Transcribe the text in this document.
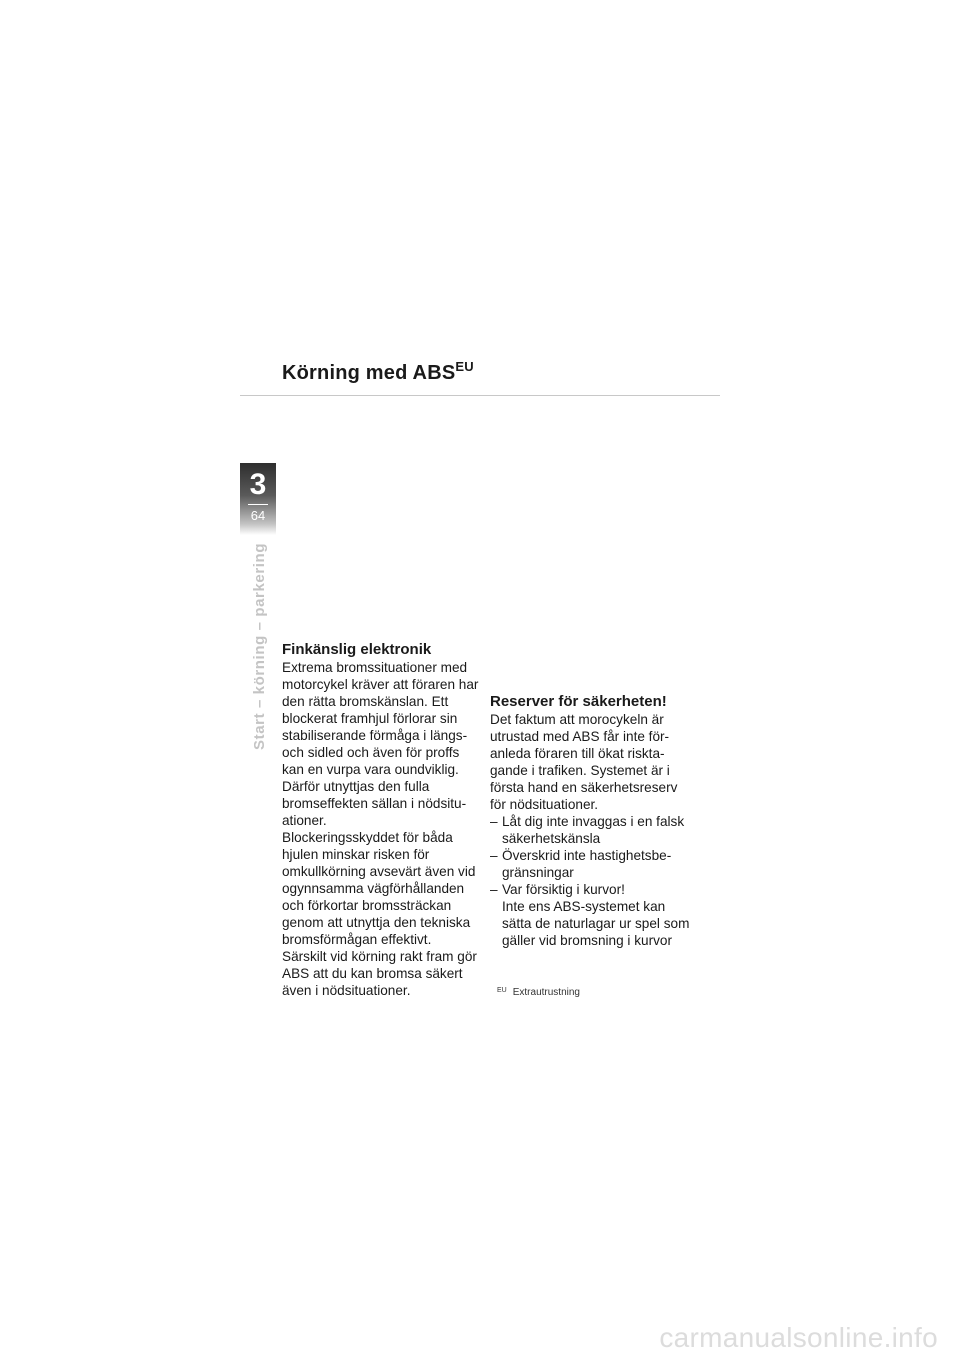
Körning med $ABS^{EU}$
3
64
Start – körning – parkering Finkänslig elektronik

Extrema bromssituationer med motorcykel kräver att föraren har den rätta bromskänslan. Ett blockerat framhjul förlorar sin stabiliserande förmåga i längs- och sidled och även för proffs kan en vurpa vara oundviklig. Därför utnyttjas den fulla bromseffekten sällan i nödsitu- ationer.

Blockeringsskyddet för båda hjulen minskar risken för omkullkörning avsevärt även vid ogynnsamma vägförhållanden och förkortar bromssträckan genom att utnyttja den tekniska bromsförmågan effektivt.

Särskilt vid körning rakt fram gör ABS att du kan bromsa säkert även i nödsituationer.

Reserver för säkerheten!

Det faktum att morocykeln är utrustad med ABS får inte för- anleda föraren till ökat riskta- gande i trafiken. Systemet är i första hand en säkerhetsreserv för nödsituationer.

– Låt dig inte invaggas i en falsk
säkerhetskänsla
– Överskrid inte hastighetsbe-
gränsningar
– Var försiktig i kurvor!
Inte ens ABS-systemet kan sätta de naturlagar ur spel som gäller vid bromsning i kurvor
$^{EU}$ Extrautrustning
carmanualsonline.info
